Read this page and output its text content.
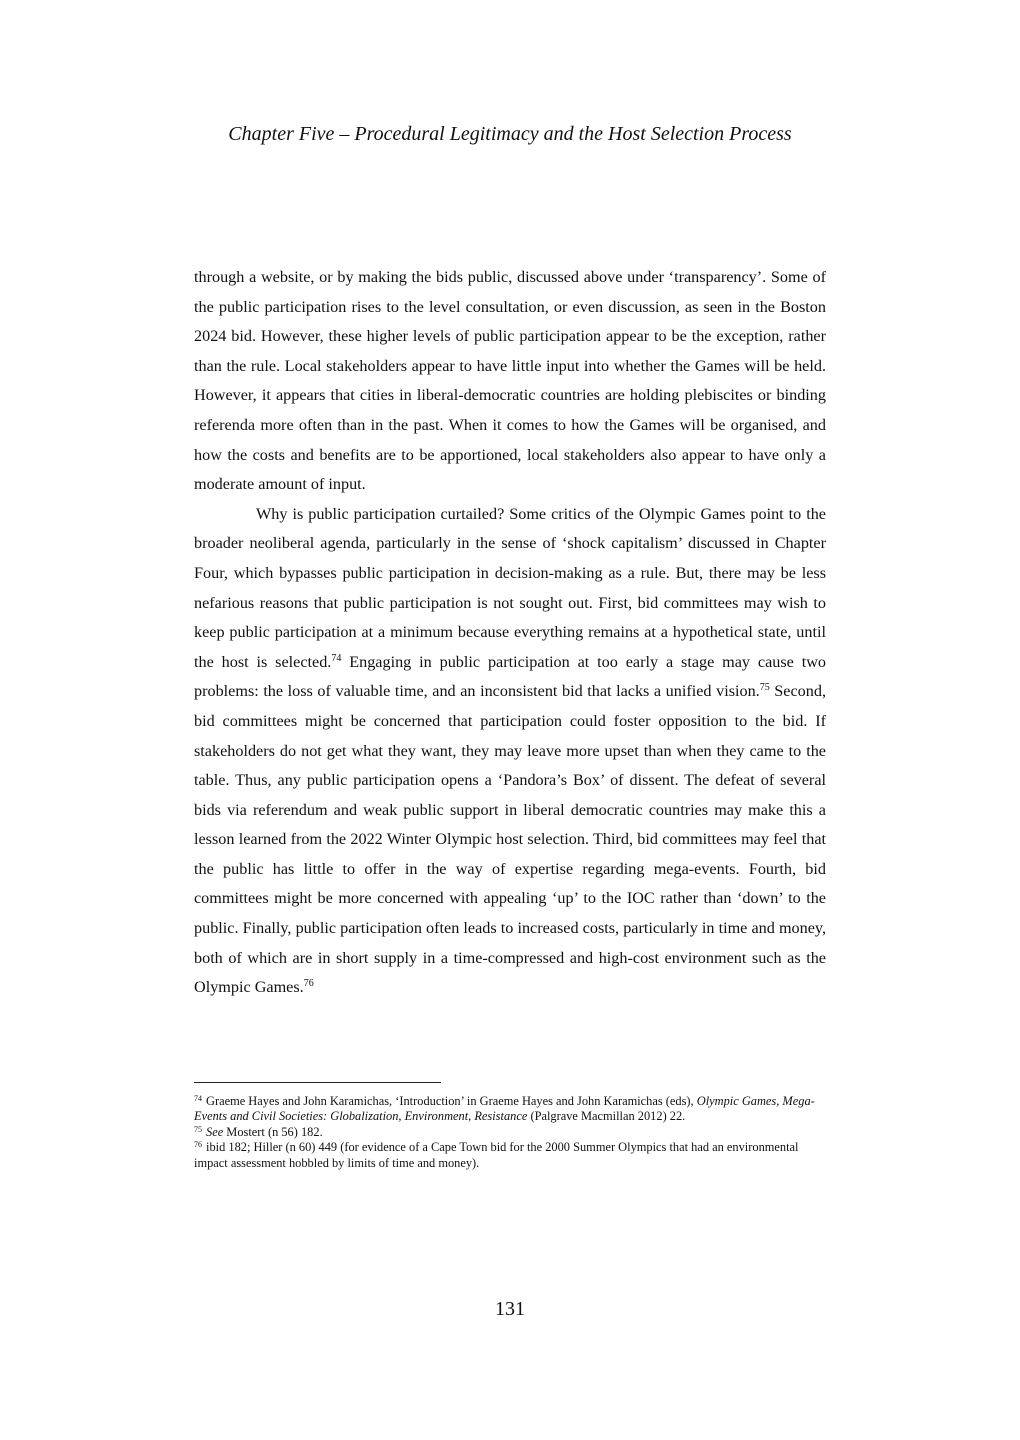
Chapter Five – Procedural Legitimacy and the Host Selection Process

through a website, or by making the bids public, discussed above under ‘transparency’. Some of the public participation rises to the level consultation, or even discussion, as seen in the Boston 2024 bid. However, these higher levels of public participation appear to be the exception, rather than the rule. Local stakeholders appear to have little input into whether the Games will be held. However, it appears that cities in liberal-democratic countries are holding plebiscites or binding referenda more often than in the past. When it comes to how the Games will be organised, and how the costs and benefits are to be apportioned, local stakeholders also appear to have only a moderate amount of input.

Why is public participation curtailed? Some critics of the Olympic Games point to the broader neoliberal agenda, particularly in the sense of ‘shock capitalism’ discussed in Chapter Four, which bypasses public participation in decision-making as a rule. But, there may be less nefarious reasons that public participation is not sought out. First, bid committees may wish to keep public participation at a minimum because everything remains at a hypothetical state, until the host is selected.$^{74}$ Engaging in public participation at too early a stage may cause two problems: the loss of valuable time, and an inconsistent bid that lacks a unified vision.$^{75}$ Second, bid committees might be concerned that participation could foster opposition to the bid. If stakeholders do not get what they want, they may leave more upset than when they came to the table. Thus, any public participation opens a ‘Pandora’s Box’ of dissent. The defeat of several bids via referendum and weak public support in liberal democratic countries may make this a lesson learned from the 2022 Winter Olympic host selection. Third, bid committees may feel that the public has little to offer in the way of expertise regarding mega-events. Fourth, bid committees might be more concerned with appealing ‘up’ to the IOC rather than ‘down’ to the public. Finally, public participation often leads to increased costs, particularly in time and money, both of which are in short supply in a time-compressed and high-cost environment such as the Olympic Games.$^{76}$

$^{74}$ Graeme Hayes and John Karamichas, ‘Introduction’ in Graeme Hayes and John Karamichas (eds), Olympic Games, Mega-Events and Civil Societies: Globalization, Environment, Resistance (Palgrave Macmillan 2012) 22.

$^{75}$ See Mostert (n 56) 182.

$^{76}$ ibid 182; Hiller (n 60) 449 (for evidence of a Cape Town bid for the 2000 Summer Olympics that had an environmental impact assessment hobbled by limits of time and money).

131
